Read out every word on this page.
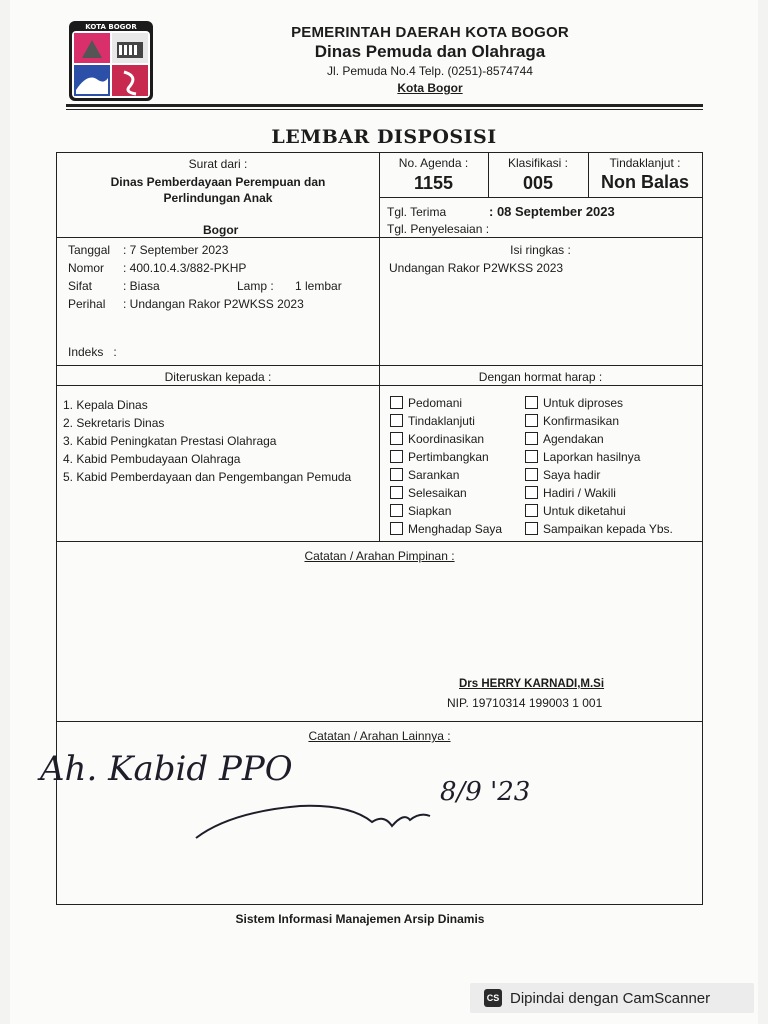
KOTA BOGOR	PEMERINTAH DAERAH KOTA BOGOR
Dinas Pemuda dan Olahraga
Jl. Pemuda No.4 Telp. (0251)-8574744
Kota Bogor
LEMBAR DISPOSISI
Surat dari :
Dinas Pemberdayaan Perempuan dan
Perlindungan Anak
Bogor
No. Agenda :
1155
Klasifikasi :
005
Tindaklanjut :
Non Balas
Tgl. Terima	: 08 September 2023
Tgl. Penyelesaian :
Tanggal : 7 September 2023
Nomor : 400.10.4.3/882-PKHP
Sifat	: Biasa	Lamp : 1 lembar
Perihal : Undangan Rakor P2WKSS 2023
Indeks   :
Isi ringkas :
Undangan Rakor P2WKSS 2023
Diteruskan kepada :	Dengan hormat harap :
1. Kepala Dinas
2. Sekretaris Dinas
3. Kabid Peningkatan Prestasi Olahraga
4. Kabid Pembudayaan Olahraga
5. Kabid Pemberdayaan dan Pengembangan Pemuda
Pedomani
Tindaklanjuti
Koordinasikan
Pertimbangkan
Sarankan
Selesaikan
Siapkan
Menghadap Saya
Untuk diproses
Konfirmasikan
Agendakan
Laporkan hasilnya
Saya hadir
Hadiri / Wakili
Untuk diketahui
Sampaikan kepada Ybs.
Catatan / Arahan Pimpinan :
Drs HERRY KARNADI,M.Si
NIP. 19710314 199003 1 001
Catatan / Arahan Lainnya :
Ah. Kabid PPO
8/9 '23
Sistem Informasi Manajemen Arsip Dinamis
CS Dipindai dengan CamScanner
